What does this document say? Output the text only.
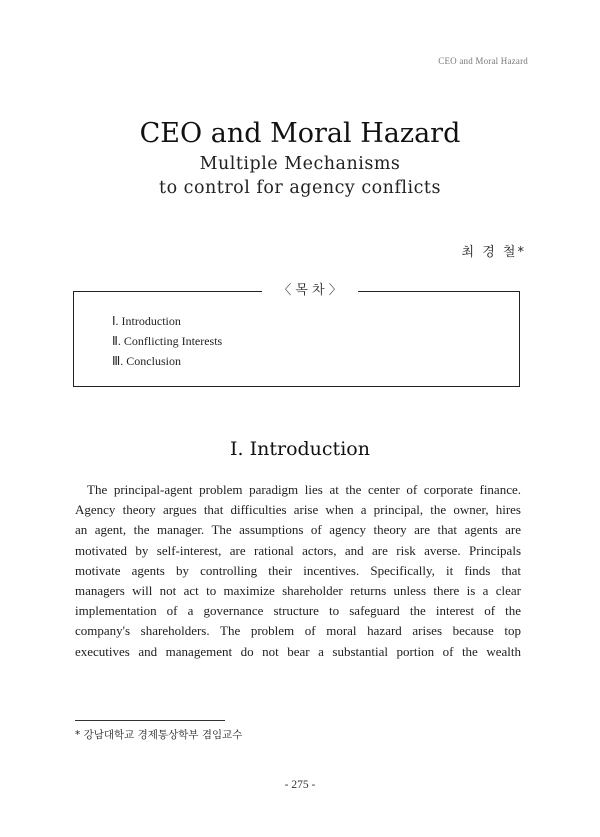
CEO and Moral Hazard
CEO and Moral Hazard
Multiple Mechanisms
to control for agency conflicts
최 경 철*
〈 목 차 〉
Ⅰ. Introduction
Ⅱ. Conflicting Interests
Ⅲ. Conclusion
Ⅰ. Introduction
The principal-agent problem paradigm lies at the center of corporate finance.
Agency theory argues that difficulties arise when a principal, the owner, hires
an agent, the manager. The assumptions of agency theory are that agents are
motivated by self-interest, are rational actors, and are risk averse. Principals
motivate agents by controlling their incentives. Specifically, it finds that
managers will not act to maximize shareholder returns unless there is a clear
implementation of a governance structure to safeguard the interest of the
company's shareholders. The problem of moral hazard arises because top
executives and management do not bear a substantial portion of the wealth
* 강남대학교 경제통상학부 겸임교수
- 275 -
